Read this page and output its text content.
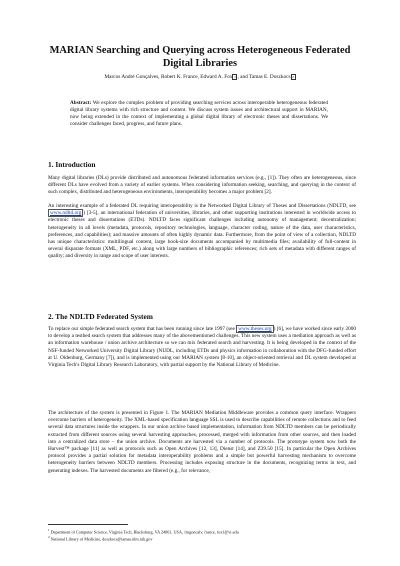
MARIAN Searching and Querying across Heterogeneous Federated Digital Libraries
Marcos André Gonçalves, Robert K. France, Edward A. Fox 1 , and Tamas E. Doszkocs 2
Abstract: We explore the complex problem of providing searching services across interoperable heterogeneous federated digital library systems with rich structure and content. We discuss system issues and architectural support in MARIAN, now being extended in the context of implementing a global digital library of electronic theses and dissertations. We consider challenges faced, progress, and future plans.
1. Introduction
Many digital libraries (DLs) provide distributed and autonomous federated information services (e.g., [1]). They often are heterogeneous, since different DLs have evolved from a variety of earlier systems. When considering information seeking, searching, and querying in the context of such complex, distributed and heterogeneous environments, interoperability becomes a major problem [2].
An interesting example of a federated DL requiring interoperability is the Networked Digital Library of Theses and Dissertations (NDLTD, see www.ndltd.org ) [3-5], an international federation of universities, libraries, and other supporting institutions interested in worldwide access to electronic theses and dissertations (ETDs). NDLTD faces significant challenges including autonomy of management; decentralization; heterogeneity in all levels (metadata, protocols, repository technologies, language, character coding, nature of the data, user characteristics, preferences, and capabilities); and massive amounts of often highly dynamic data. Furthermore, from the point of view of a collection, NDLTD has unique characteristics: multilingual content, large book-size documents accompanied by multimedia files; availability of full-content in several disparate formats (XML, PDF, etc.) along with large numbers of bibliographic references; rich sets of metadata with different ranges of quality; and diversity in range and scope of user interests.
2. The NDLTD Federated System
To replace our simple federated search system that has been running since late 1997 (see www.theses.org ) [6], we have worked since early 2000 to develop a testbed search system that addresses many of the abovementioned challenges. This new system uses a mediation approach as well as an information warehouse / union archive architecture so we can mix federated search and harvesting. It is being developed in the context of the NSF-funded Networked University Digital Library (NUDL, including ETDs and physics information in collaboration with the DFG-funded effort at U. Oldenburg, Germany [7]), and is implemented using our MARIAN system [8-10], an object-oriented retrieval and DL system developed at Virginia Tech's Digital Library Research Laboratory, with partial support by the National Library of Medicine.
The architecture of the system is presented in Figure 1. The MARIAN Mediation Middleware provides a common query interface. Wrappers overcome barriers of heterogeneity. The XML-based specification language SSL is used to describe capabilities of remote collections and to feed several data structures inside the wrappers. In our union archive based implementation, information from NDLTD members can be periodically extracted from different sources using several harvesting approaches, processed, merged with information from other sources, and then loaded into a centralized data store – the union archive. Documents are harvested via a number of protocols. The prototype system now both the Harvest™ package [11] as well as protocols such as Open Archives [12, 13], Dienst [14], and Z39.50 [15]. In particular the Open Archives protocol provides a partial solution for metadata interoperability problems and a simple but powerful harvesting mechanism to overcome heterogeneity barriers between NDLTD members. Processing includes exposing structure in the documents, recognizing terms in text, and generating indexes. The harvested documents are filtered (e.g., for relevance,
$^1$ Department of Computer Science, Virginia Tech, Blacksburg, VA 24061, USA, {mgoncalv, france, fox}@vt.edu
$^2$ National Library of Medicine, doszkocs@tamas.nlm.nih.gov
